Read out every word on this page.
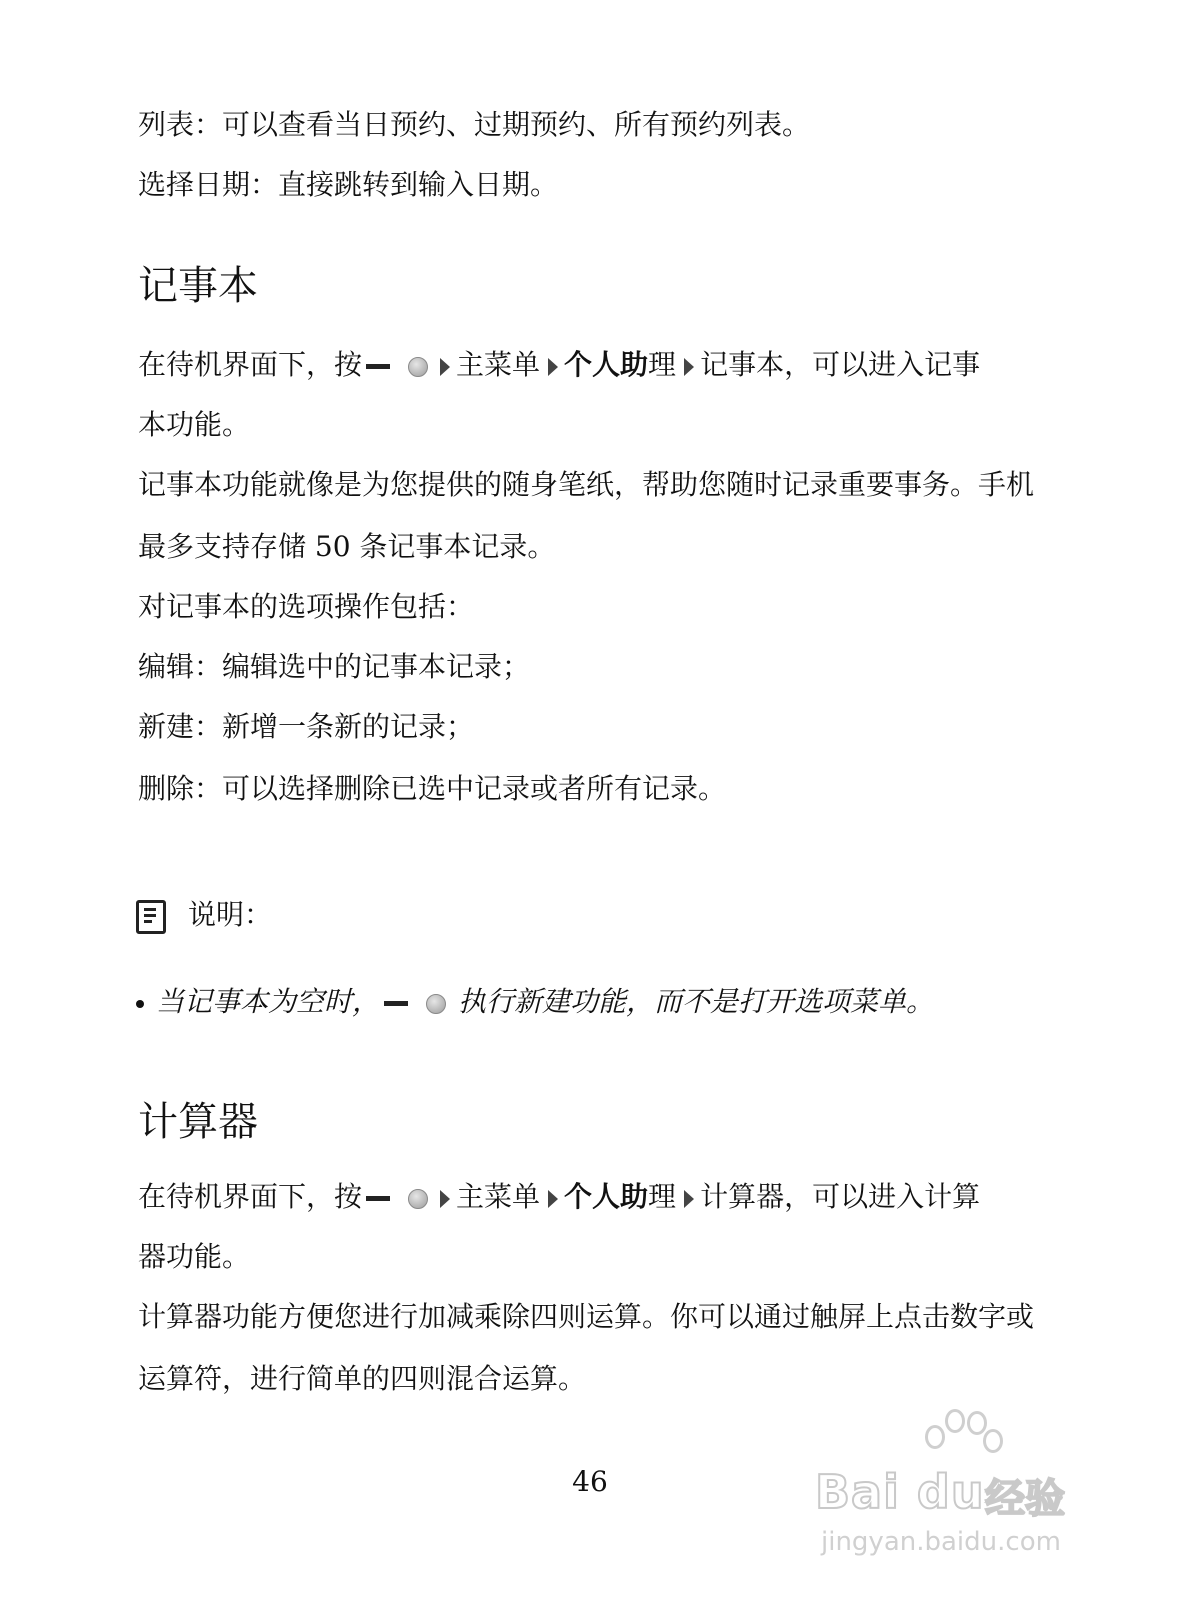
列表：可以查看当日预约、过期预约、所有预约列表。
选择日期：直接跳转到输入日期。
记事本
在待机界面下，按	主菜单 个人助理 记事本，可以进入记事
本功能。
记事本功能就像是为您提供的随身笔纸，帮助您随时记录重要事务。手机
最多支持存储 50 条记事本记录。
对记事本的选项操作包括：
编辑：编辑选中的记事本记录；
新建：新增一条新的记录；
删除：可以选择删除已选中记录或者所有记录。
说明：
当记事本为空时，	执行新建功能，而不是打开选项菜单。
计算器
在待机界面下，按	主菜单 个人助理 计算器，可以进入计算
器功能。
计算器功能方便您进行加减乘除四则运算。你可以通过触屏上点击数字或
运算符，进行简单的四则混合运算。
46	Bai du 经验
jingyan.baidu.com
